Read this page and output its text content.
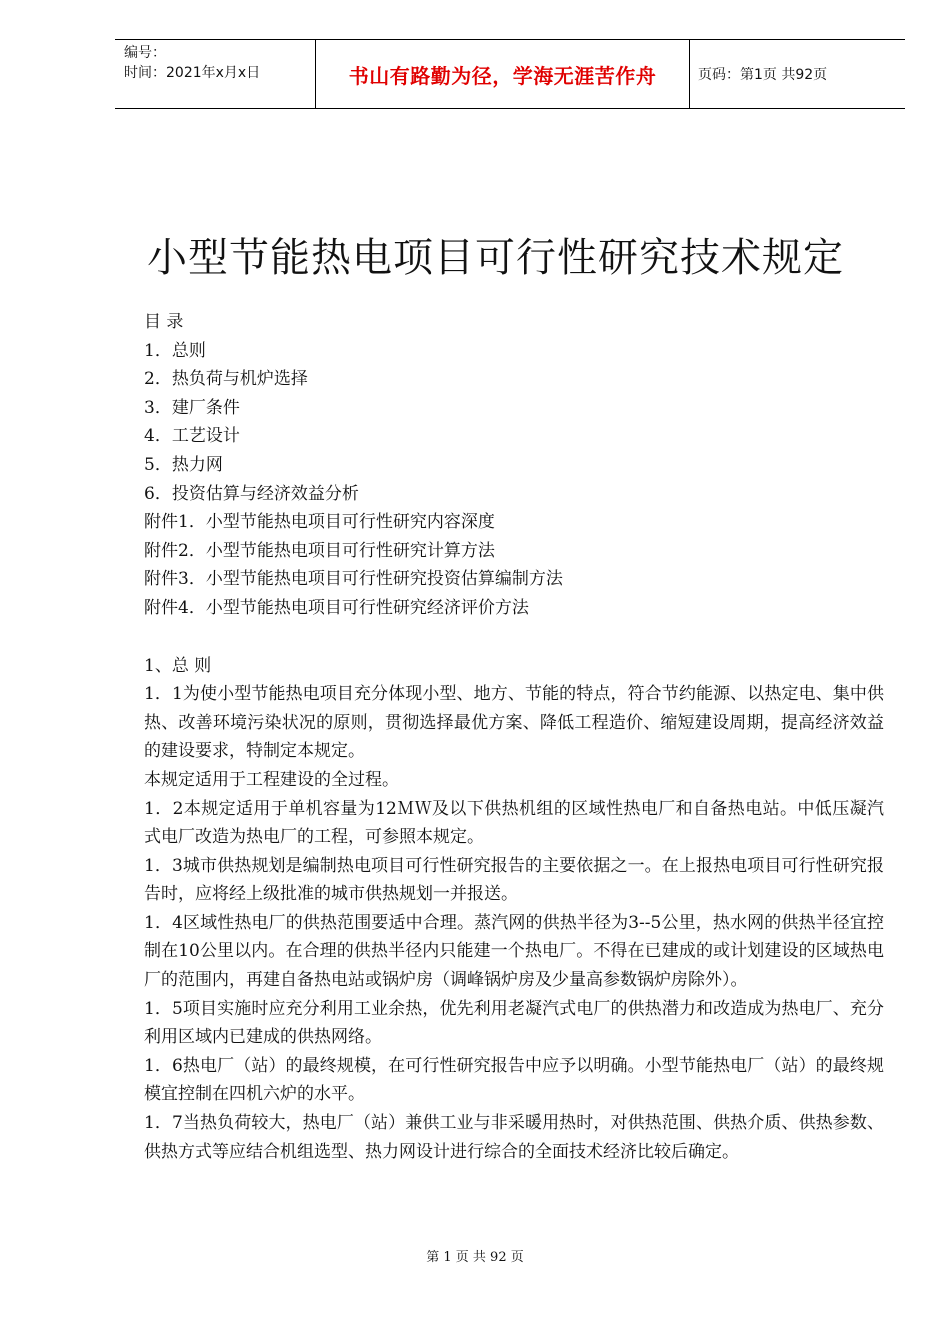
编号：
时间：2021年x月x日	书山有路勤为径，学海无涯苦作舟	页码：第1页 共92页
小型节能热电项目可行性研究技术规定
目 录
1．总则
2．热负荷与机炉选择
3．建厂条件
4．工艺设计
5．热力网
6．投资估算与经济效益分析
附件1．小型节能热电项目可行性研究内容深度
附件2．小型节能热电项目可行性研究计算方法
附件3．小型节能热电项目可行性研究投资估算编制方法
附件4．小型节能热电项目可行性研究经济评价方法
1、总 则
1．1为使小型节能热电项目充分体现小型、地方、节能的特点，符合节约能源、以热定电、集中供热、改善环境污染状况的原则，贯彻选择最优方案、降低工程造价、缩短建设周期，提高经济效益的建设要求，特制定本规定。
本规定适用于工程建设的全过程。
1．2本规定适用于单机容量为12ＭＷ及以下供热机组的区域性热电厂和自备热电站。中低压凝汽式电厂改造为热电厂的工程，可参照本规定。
1．3城市供热规划是编制热电项目可行性研究报告的主要依据之一。在上报热电项目可行性研究报告时，应将经上级批准的城市供热规划一并报送。
1．4区域性热电厂的供热范围要适中合理。蒸汽网的供热半径为3--5公里，热水网的供热半径宜控制在10公里以内。在合理的供热半径内只能建一个热电厂。不得在已建成的或计划建设的区域热电厂的范围内，再建自备热电站或锅炉房（调峰锅炉房及少量高参数锅炉房除外）。
1．5项目实施时应充分利用工业余热，优先利用老凝汽式电厂的供热潜力和改造成为热电厂、充分利用区域内已建成的供热网络。
1．6热电厂（站）的最终规模，在可行性研究报告中应予以明确。小型节能热电厂（站）的最终规模宜控制在四机六炉的水平。
1．7当热负荷较大，热电厂（站）兼供工业与非采暖用热时，对供热范围、供热介质、供热参数、供热方式等应结合机组选型、热力网设计进行综合的全面技术经济比较后确定。
第 1 页 共 92 页
